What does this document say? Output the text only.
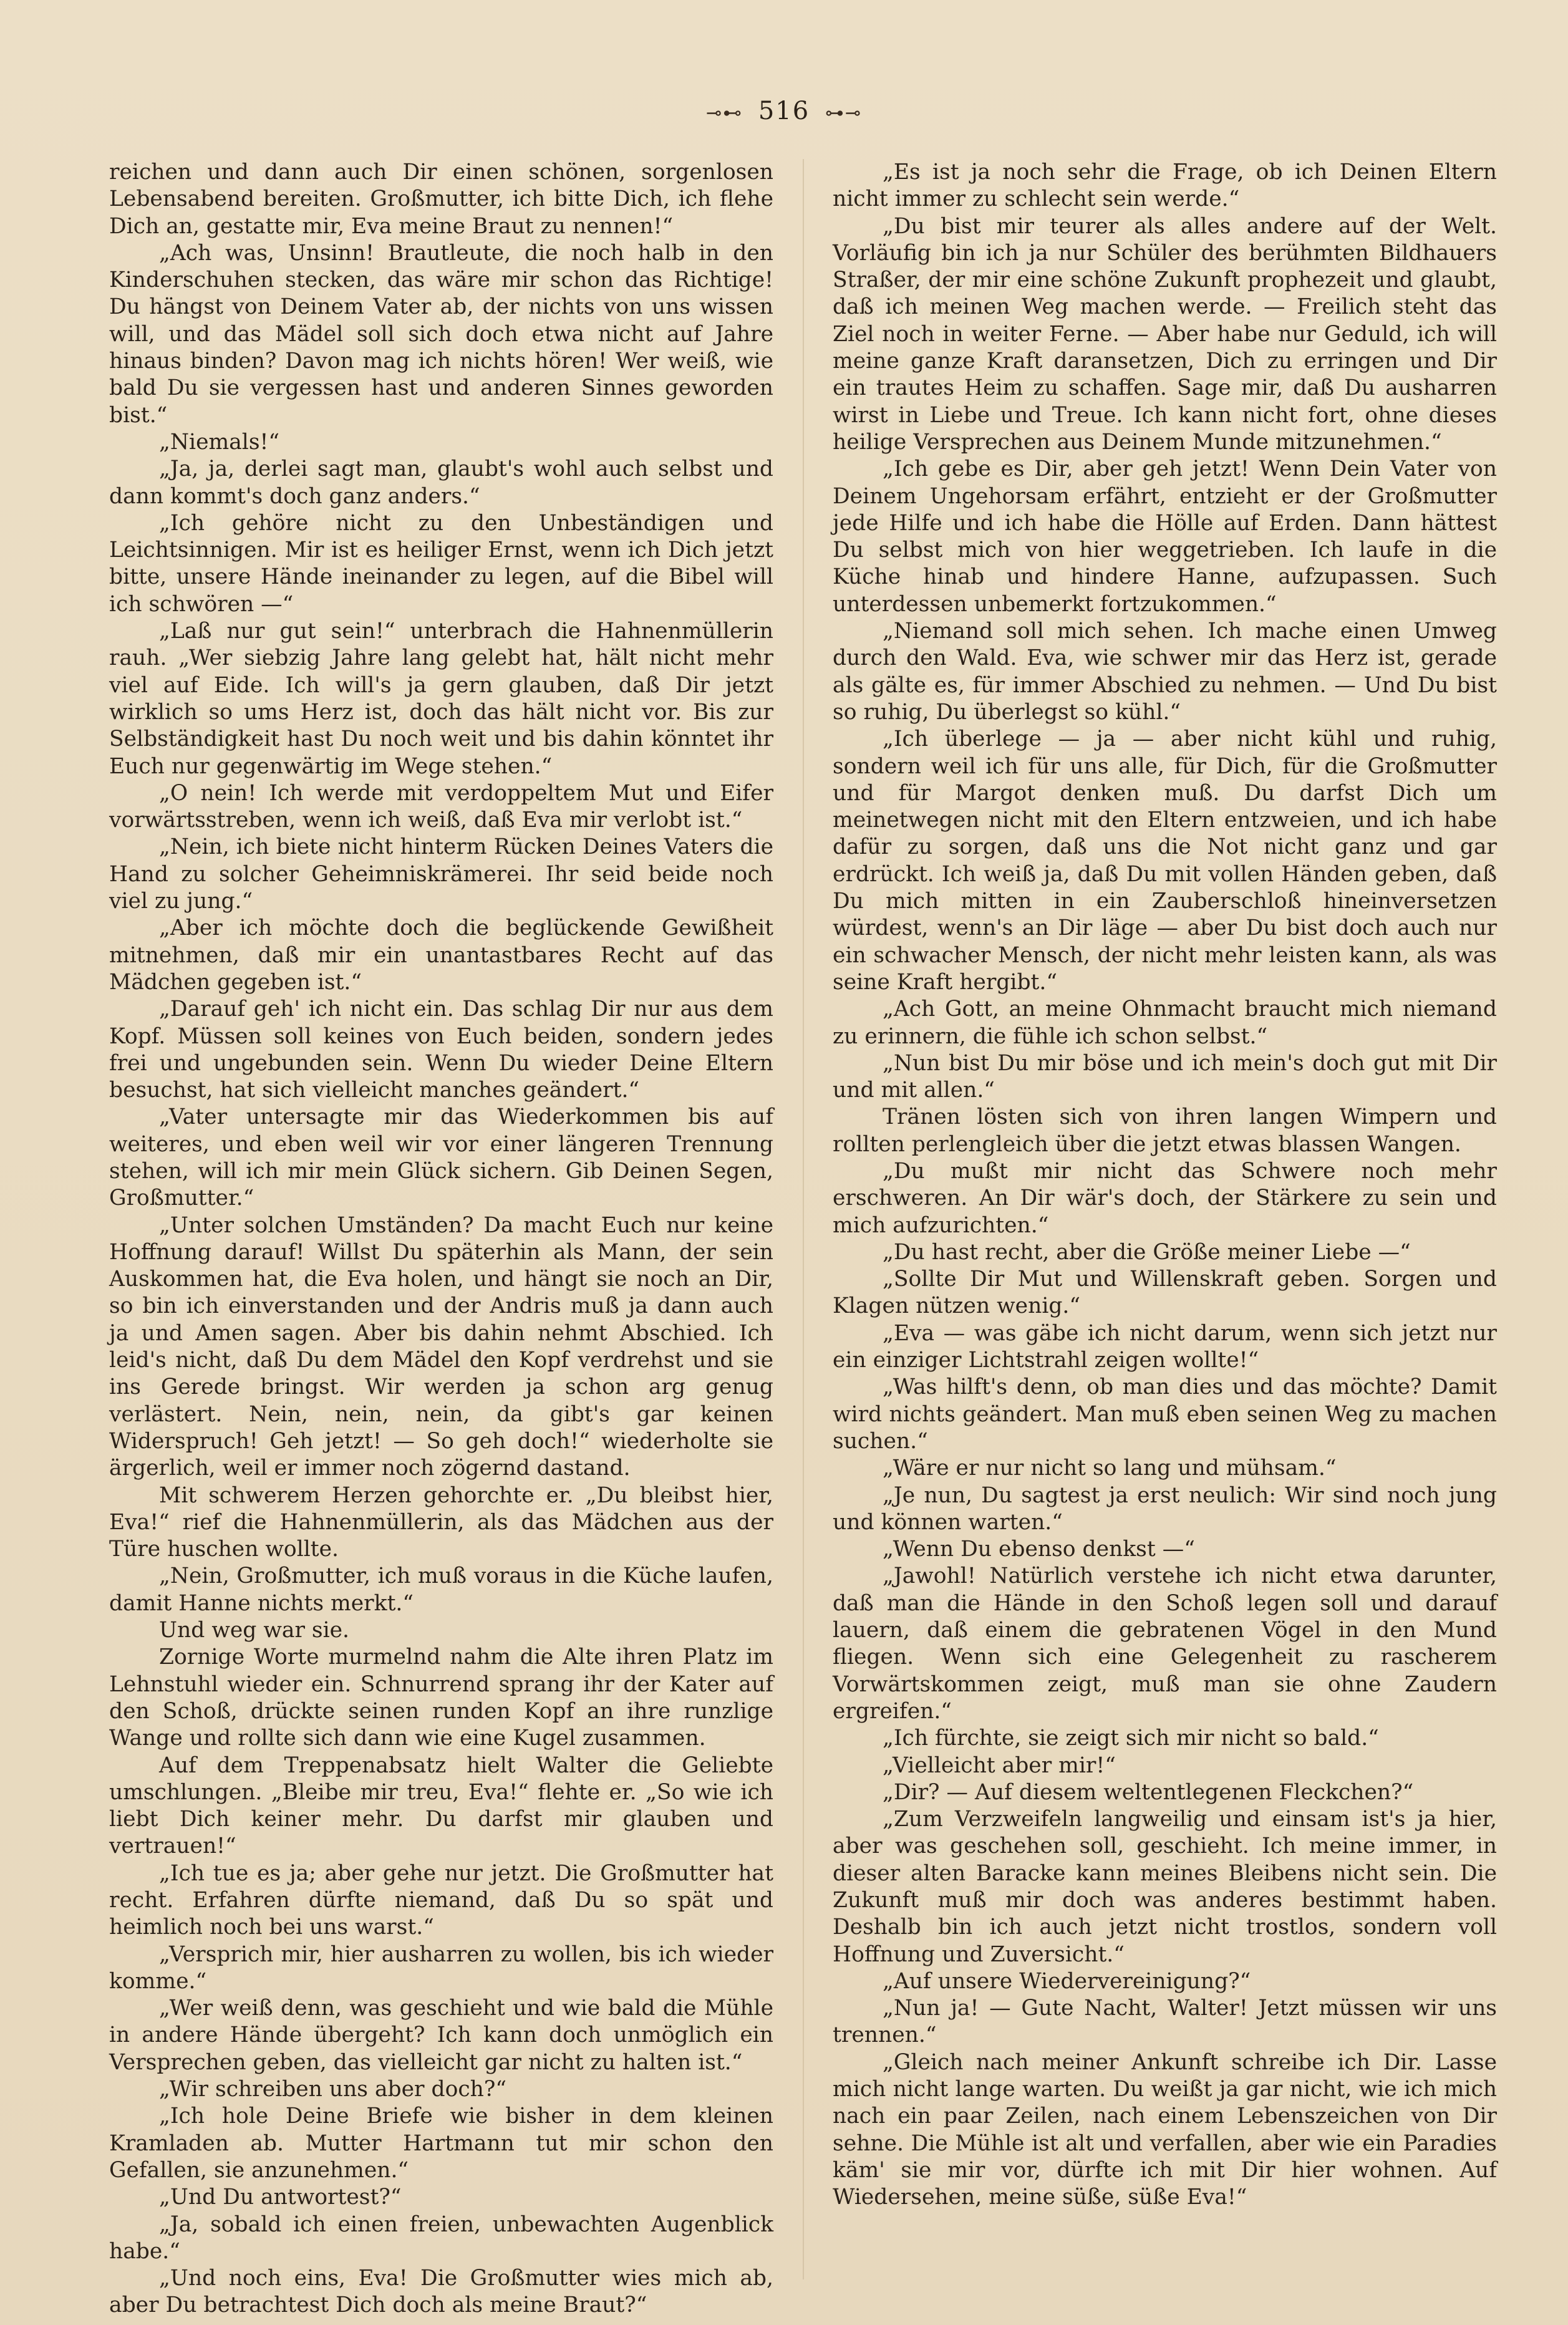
⊸⊷ 516 ⊶⊸

reichen und dann auch Dir einen schönen, sorgenlosen Lebensabend bereiten. Großmutter, ich bitte Dich, ich flehe Dich an, gestatte mir, Eva meine Braut zu nennen!“

„Ach was, Unsinn! Brautleute, die noch halb in den Kinderschuhen stecken, das wäre mir schon das Richtige! Du hängst von Deinem Vater ab, der nichts von uns wissen will, und das Mädel soll sich doch etwa nicht auf Jahre hinaus binden? Davon mag ich nichts hören! Wer weiß, wie bald Du sie vergessen hast und anderen Sinnes geworden bist.“

„Niemals!“

„Ja, ja, derlei sagt man, glaubt's wohl auch selbst und dann kommt's doch ganz anders.“

„Ich gehöre nicht zu den Unbeständigen und Leichtsinnigen. Mir ist es heiliger Ernst, wenn ich Dich jetzt bitte, unsere Hände ineinander zu legen, auf die Bibel will ich schwören —“

„Laß nur gut sein!“ unterbrach die Hahnenmüllerin rauh. „Wer siebzig Jahre lang gelebt hat, hält nicht mehr viel auf Eide. Ich will's ja gern glauben, daß Dir jetzt wirklich so ums Herz ist, doch das hält nicht vor. Bis zur Selbständigkeit hast Du noch weit und bis dahin könntet ihr Euch nur gegenwärtig im Wege stehen.“

„O nein! Ich werde mit verdoppeltem Mut und Eifer vorwärtsstreben, wenn ich weiß, daß Eva mir verlobt ist.“

„Nein, ich biete nicht hinterm Rücken Deines Vaters die Hand zu solcher Geheimniskrämerei. Ihr seid beide noch viel zu jung.“

„Aber ich möchte doch die beglückende Gewißheit mitnehmen, daß mir ein unantastbares Recht auf das Mädchen gegeben ist.“

„Darauf geh' ich nicht ein. Das schlag Dir nur aus dem Kopf. Müssen soll keines von Euch beiden, sondern jedes frei und ungebunden sein. Wenn Du wieder Deine Eltern besuchst, hat sich vielleicht manches geändert.“

„Vater untersagte mir das Wiederkommen bis auf weiteres, und eben weil wir vor einer längeren Trennung stehen, will ich mir mein Glück sichern. Gib Deinen Segen, Großmutter.“

„Unter solchen Umständen? Da macht Euch nur keine Hoffnung darauf! Willst Du späterhin als Mann, der sein Auskommen hat, die Eva holen, und hängt sie noch an Dir, so bin ich einverstanden und der Andris muß ja dann auch ja und Amen sagen. Aber bis dahin nehmt Abschied. Ich leid's nicht, daß Du dem Mädel den Kopf verdrehst und sie ins Gerede bringst. Wir werden ja schon arg genug verlästert. Nein, nein, nein, da gibt's gar keinen Widerspruch! Geh jetzt! — So geh doch!“ wiederholte sie ärgerlich, weil er immer noch zögernd dastand.

Mit schwerem Herzen gehorchte er. „Du bleibst hier, Eva!“ rief die Hahnenmüllerin, als das Mädchen aus der Türe huschen wollte.

„Nein, Großmutter, ich muß voraus in die Küche laufen, damit Hanne nichts merkt.“

Und weg war sie.

Zornige Worte murmelnd nahm die Alte ihren Platz im Lehnstuhl wieder ein. Schnurrend sprang ihr der Kater auf den Schoß, drückte seinen runden Kopf an ihre runzlige Wange und rollte sich dann wie eine Kugel zusammen.

Auf dem Treppenabsatz hielt Walter die Geliebte umschlungen. „Bleibe mir treu, Eva!“ flehte er. „So wie ich liebt Dich keiner mehr. Du darfst mir glauben und vertrauen!“

„Ich tue es ja; aber gehe nur jetzt. Die Großmutter hat recht. Erfahren dürfte niemand, daß Du so spät und heimlich noch bei uns warst.“

„Versprich mir, hier ausharren zu wollen, bis ich wieder komme.“

„Wer weiß denn, was geschieht und wie bald die Mühle in andere Hände übergeht? Ich kann doch unmöglich ein Versprechen geben, das vielleicht gar nicht zu halten ist.“

„Wir schreiben uns aber doch?“

„Ich hole Deine Briefe wie bisher in dem kleinen Kramladen ab. Mutter Hartmann tut mir schon den Gefallen, sie anzunehmen.“

„Und Du antwortest?“

„Ja, sobald ich einen freien, unbewachten Augenblick habe.“

„Und noch eins, Eva! Die Großmutter wies mich ab, aber Du betrachtest Dich doch als meine Braut?“

„Es ist ja noch sehr die Frage, ob ich Deinen Eltern nicht immer zu schlecht sein werde.“

„Du bist mir teurer als alles andere auf der Welt. Vorläufig bin ich ja nur Schüler des berühmten Bildhauers Straßer, der mir eine schöne Zukunft prophezeit und glaubt, daß ich meinen Weg machen werde. — Freilich steht das Ziel noch in weiter Ferne. — Aber habe nur Geduld, ich will meine ganze Kraft daransetzen, Dich zu erringen und Dir ein trautes Heim zu schaffen. Sage mir, daß Du ausharren wirst in Liebe und Treue. Ich kann nicht fort, ohne dieses heilige Versprechen aus Deinem Munde mitzunehmen.“

„Ich gebe es Dir, aber geh jetzt! Wenn Dein Vater von Deinem Ungehorsam erfährt, entzieht er der Großmutter jede Hilfe und ich habe die Hölle auf Erden. Dann hättest Du selbst mich von hier weggetrieben. Ich laufe in die Küche hinab und hindere Hanne, aufzupassen. Such unterdessen unbemerkt fortzukommen.“

„Niemand soll mich sehen. Ich mache einen Umweg durch den Wald. Eva, wie schwer mir das Herz ist, gerade als gälte es, für immer Abschied zu nehmen. — Und Du bist so ruhig, Du überlegst so kühl.“

„Ich überlege — ja — aber nicht kühl und ruhig, sondern weil ich für uns alle, für Dich, für die Großmutter und für Margot denken muß. Du darfst Dich um meinetwegen nicht mit den Eltern entzweien, und ich habe dafür zu sorgen, daß uns die Not nicht ganz und gar erdrückt. Ich weiß ja, daß Du mit vollen Händen geben, daß Du mich mitten in ein Zauberschloß hineinversetzen würdest, wenn's an Dir läge — aber Du bist doch auch nur ein schwacher Mensch, der nicht mehr leisten kann, als was seine Kraft hergibt.“

„Ach Gott, an meine Ohnmacht braucht mich niemand zu erinnern, die fühle ich schon selbst.“

„Nun bist Du mir böse und ich mein's doch gut mit Dir und mit allen.“

Tränen lösten sich von ihren langen Wimpern und rollten perlengleich über die jetzt etwas blassen Wangen.

„Du mußt mir nicht das Schwere noch mehr erschweren. An Dir wär's doch, der Stärkere zu sein und mich aufzurichten.“

„Du hast recht, aber die Größe meiner Liebe —“

„Sollte Dir Mut und Willenskraft geben. Sorgen und Klagen nützen wenig.“

„Eva — was gäbe ich nicht darum, wenn sich jetzt nur ein einziger Lichtstrahl zeigen wollte!“

„Was hilft's denn, ob man dies und das möchte? Damit wird nichts geändert. Man muß eben seinen Weg zu machen suchen.“

„Wäre er nur nicht so lang und mühsam.“

„Je nun, Du sagtest ja erst neulich: Wir sind noch jung und können warten.“

„Wenn Du ebenso denkst —“

„Jawohl! Natürlich verstehe ich nicht etwa darunter, daß man die Hände in den Schoß legen soll und darauf lauern, daß einem die gebratenen Vögel in den Mund fliegen. Wenn sich eine Gelegenheit zu rascherem Vorwärtskommen zeigt, muß man sie ohne Zaudern ergreifen.“

„Ich fürchte, sie zeigt sich mir nicht so bald.“

„Vielleicht aber mir!“

„Dir? — Auf diesem weltentlegenen Fleckchen?“

„Zum Verzweifeln langweilig und einsam ist's ja hier, aber was geschehen soll, geschieht. Ich meine immer, in dieser alten Baracke kann meines Bleibens nicht sein. Die Zukunft muß mir doch was anderes bestimmt haben. Deshalb bin ich auch jetzt nicht trostlos, sondern voll Hoffnung und Zuversicht.“

„Auf unsere Wiedervereinigung?“

„Nun ja! — Gute Nacht, Walter! Jetzt müssen wir uns trennen.“

„Gleich nach meiner Ankunft schreibe ich Dir. Lasse mich nicht lange warten. Du weißt ja gar nicht, wie ich mich nach ein paar Zeilen, nach einem Lebenszeichen von Dir sehne. Die Mühle ist alt und verfallen, aber wie ein Paradies käm' sie mir vor, dürfte ich mit Dir hier wohnen. Auf Wiedersehen, meine süße, süße Eva!“
